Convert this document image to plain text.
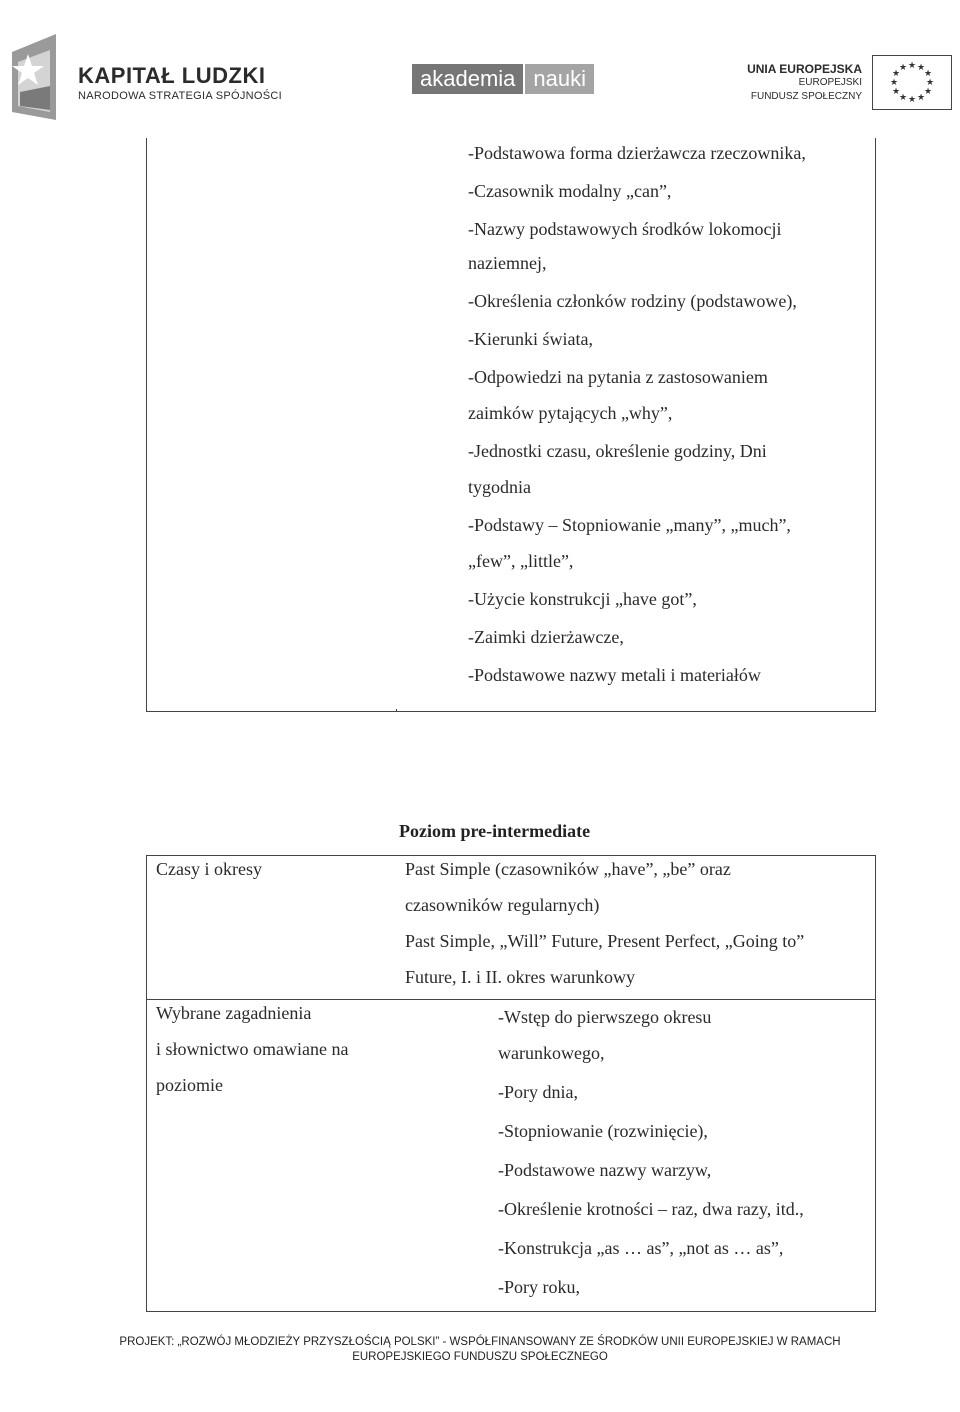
KAPITAŁ LUDZKI
NARODOWA STRATEGIA SPÓJNOŚCI
akademia nauki	UNIA EUROPEJSKA
EUROPEJSKI
FUNDUSZ SPOŁECZNY
★ ★
★
★
★
★
★
★
★
★
★
★
-Podstawowa forma dzierżawcza rzeczownika,
-Czasownik modalny „can”,
-Nazwy podstawowych środków lokomocji
naziemnej,
-Określenia członków rodziny (podstawowe),
-Kierunki świata,
-Odpowiedzi na pytania z zastosowaniem
zaimków pytających „why”,
-Jednostki czasu, określenie godziny, Dni
tygodnia
-Podstawy – Stopniowanie „many”, „much”,
„few”, „little”,
-Użycie konstrukcji „have got”,
-Zaimki dzierżawcze,
-Podstawowe nazwy metali i materiałów
Poziom pre-intermediate
Czasy i okresy	Past Simple (czasowników „have”, „be” oraz
czasowników regularnych)
Past Simple, „Will” Future, Present Perfect, „Going to”
Future, I. i II. okres warunkowy
Wybrane zagadnienia
i słownictwo omawiane na
poziomie
-Wstęp do pierwszego okresu
warunkowego,
-Pory dnia,
-Stopniowanie (rozwinięcie),
-Podstawowe nazwy warzyw,
-Określenie krotności – raz, dwa razy, itd.,
-Konstrukcja „as … as”, „not as … as”,
-Pory roku,
PROJEKT: „ROZWÓJ MŁODZIEŻY PRZYSZŁOŚCIĄ POLSKI” - WSPÓŁFINANSOWANY ZE ŚRODKÓW UNII EUROPEJSKIEJ W RAMACH
EUROPEJSKIEGO FUNDUSZU SPOŁECZNEGO
